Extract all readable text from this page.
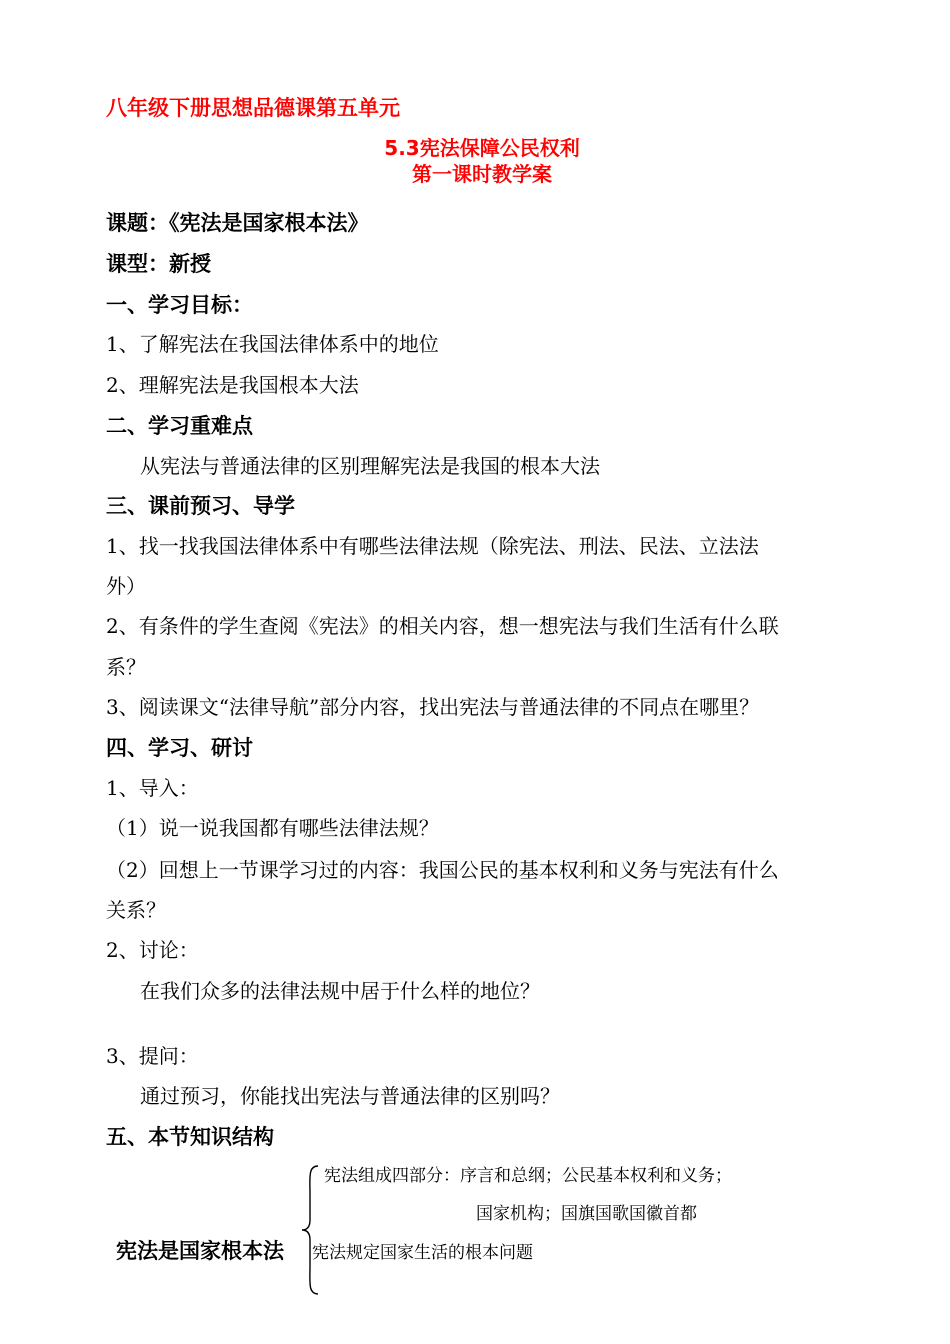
八年级下册思想品德课第五单元
5.3宪法保障公民权利
第一课时教学案
课题：《宪法是国家根本法》
课型：新授
一、学习目标：
1、了解宪法在我国法律体系中的地位
2、理解宪法是我国根本大法
二、学习重难点
从宪法与普通法律的区别理解宪法是我国的根本大法
三、课前预习、导学
1、找一找我国法律体系中有哪些法律法规（除宪法、刑法、民法、立法法
外）
2、有条件的学生查阅《宪法》的相关内容，想一想宪法与我们生活有什么联
系？
3、阅读课文“法律导航”部分内容，找出宪法与普通法律的不同点在哪里？
四、学习、研讨
1、导入：
（1）说一说我国都有哪些法律法规？
（2）回想上一节课学习过的内容：我国公民的基本权利和义务与宪法有什么
关系？
2、讨论：
在我们众多的法律法规中居于什么样的地位？
3、提问：
通过预习，你能找出宪法与普通法律的区别吗？
五、本节知识结构
宪法是国家根本法
宪法组成四部分：序言和总纲；公民基本权利和义务；
国家机构；国旗国歌国徽首都
宪法规定国家生活的根本问题
